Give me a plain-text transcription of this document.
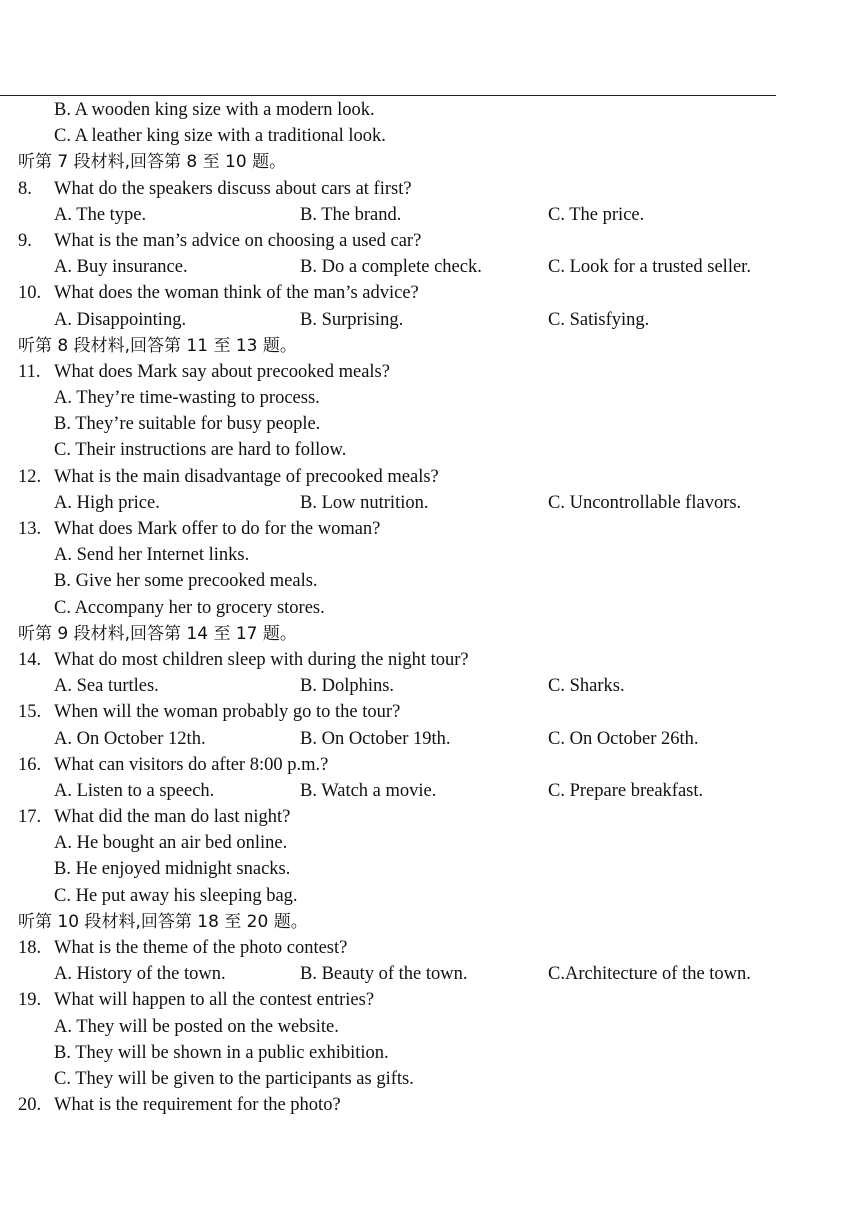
B. A wooden king size with a modern look.
C. A leather king size with a traditional look.
听第 7 段材料,回答第 8 至 10 题。
8. What do the speakers discuss about cars at first?
A. The type.	B. The brand.	C. The price.
9. What is the man’s advice on choosing a used car?
A. Buy insurance.	B. Do a complete check.	C. Look for a trusted seller.
10. What does the woman think of the man’s advice?
A. Disappointing.	B. Surprising.	C. Satisfying.
听第 8 段材料,回答第 11 至 13 题。
11. What does Mark say about precooked meals?
A. They’re time-wasting to process.
B. They’re suitable for busy people.
C. Their instructions are hard to follow.
12. What is the main disadvantage of precooked meals?
A. High price.	B. Low nutrition.	C. Uncontrollable flavors.
13. What does Mark offer to do for the woman?
A. Send her Internet links.
B. Give her some precooked meals.
C. Accompany her to grocery stores.
听第 9 段材料,回答第 14 至 17 题。
14. What do most children sleep with during the night tour?
A. Sea turtles.	B. Dolphins.	C. Sharks.
15. When will the woman probably go to the tour?
A. On October 12th.	B. On October 19th.	C. On October 26th.
16. What can visitors do after 8:00 p.m.?
A. Listen to a speech.	B. Watch a movie.	C. Prepare breakfast.
17. What did the man do last night?
A. He bought an air bed online.
B. He enjoyed midnight snacks.
C. He put away his sleeping bag.
听第 10 段材料,回答第 18 至 20 题。
18. What is the theme of the photo contest?
A. History of the town.	B. Beauty of the town.	C.Architecture of the town.
19. What will happen to all the contest entries?
A. They will be posted on the website.
B. They will be shown in a public exhibition.
C. They will be given to the participants as gifts.
20. What is the requirement for the photo?
